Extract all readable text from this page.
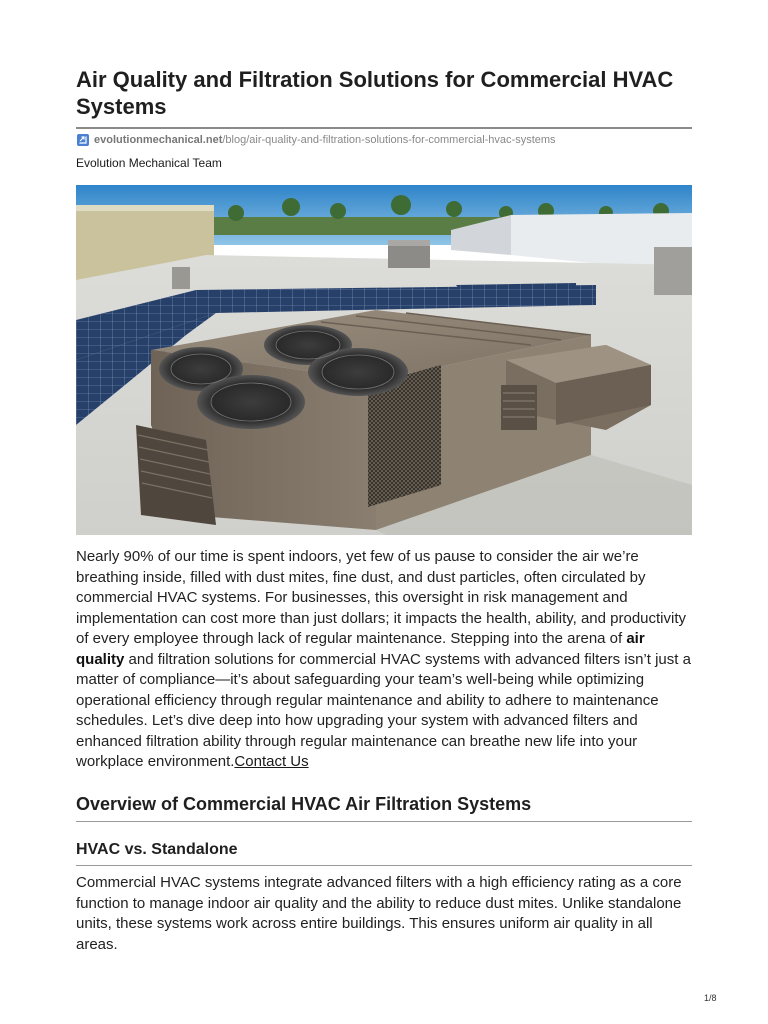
Air Quality and Filtration Solutions for Commercial HVAC Systems
evolutionmechanical.net /blog/air-quality-and-filtration-solutions-for-commercial-hvac-systems
Evolution Mechanical Team

Nearly 90% of our time is spent indoors, yet few of us pause to consider the air we’re breathing inside, filled with dust mites, fine dust, and dust particles, often circulated by commercial HVAC systems. For businesses, this oversight in risk management and implementation can cost more than just dollars; it impacts the health, ability, and productivity of every employee through lack of regular maintenance. Stepping into the arena of air quality and filtration solutions for commercial HVAC systems with advanced filters isn’t just a matter of compliance—it’s about safeguarding your team’s well-being while optimizing operational efficiency through regular maintenance and ability to adhere to maintenance schedules. Let’s dive deep into how upgrading your system with advanced filters and enhanced filtration ability through regular maintenance can breathe new life into your workplace environment.Contact Us

Overview of Commercial HVAC Air Filtration Systems
HVAC vs. Standalone

Commercial HVAC systems integrate advanced filters with a high efficiency rating as a core function to manage indoor air quality and the ability to reduce dust mites. Unlike standalone units, these systems work across entire buildings. This ensures uniform air quality in all areas.

1/8
